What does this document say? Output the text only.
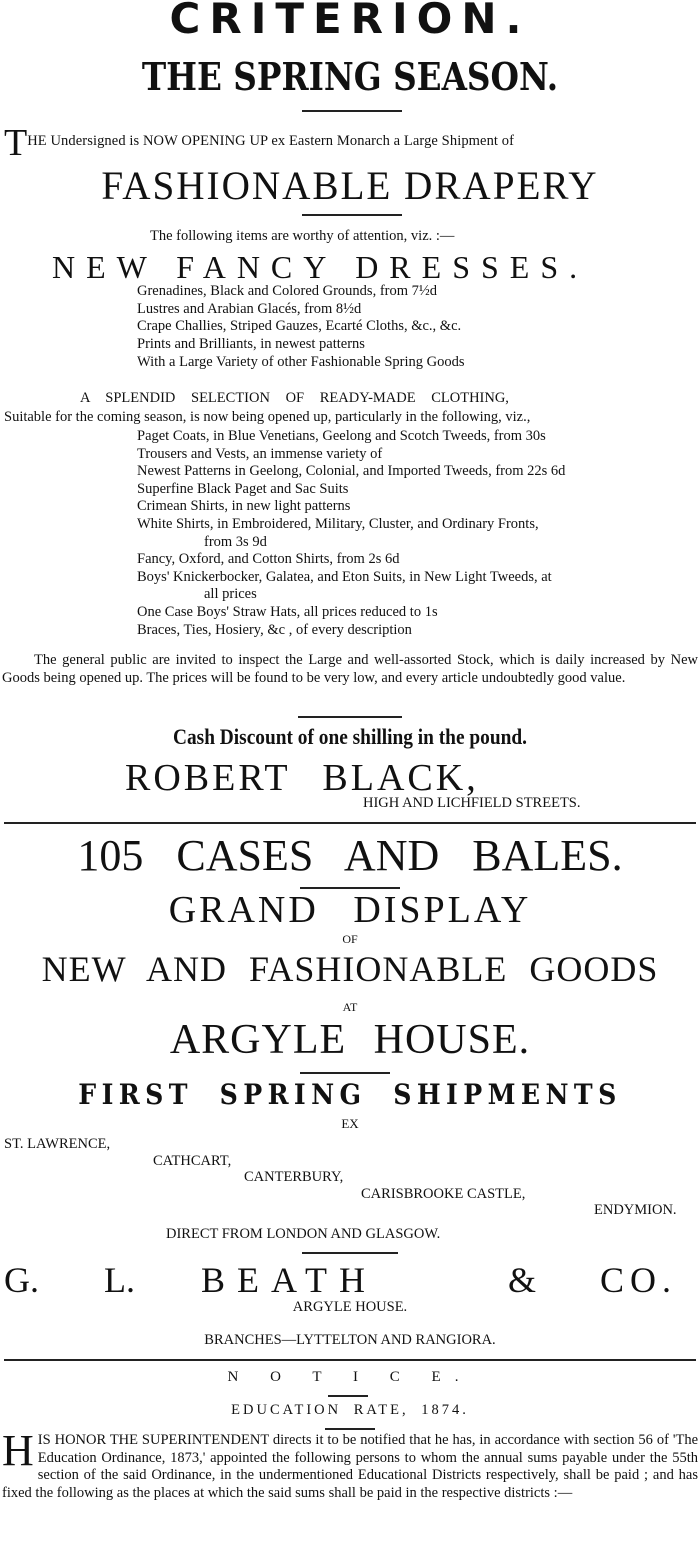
CRITERION.
THE SPRING SEASON.
THE Undersigned is NOW OPENING UP ex Eastern Monarch a Large Shipment of
FASHIONABLE DRAPERY
The following items are worthy of attention, viz. :—
NEW FANCY DRESSES.
Grenadines, Black and Colored Grounds, from 7½d
Lustres and Arabian Glacés, from 8½d
Crape Challies, Striped Gauzes, Ecarté Cloths, &c., &c.
Prints and Brilliants, in newest patterns
With a Large Variety of other Fashionable Spring Goods
A SPLENDID SELECTION OF READY-MADE CLOTHING,
Suitable for the coming season, is now being opened up, particularly in the following, viz.,
Paget Coats, in Blue Venetians, Geelong and Scotch Tweeds, from 30s
Trousers and Vests, an immense variety of
Newest Patterns in Geelong, Colonial, and Imported Tweeds, from 22s 6d
Superfine Black Paget and Sac Suits
Crimean Shirts, in new light patterns
White Shirts, in Embroidered, Military, Cluster, and Ordinary Fronts,
from 3s 9d
Fancy, Oxford, and Cotton Shirts, from 2s 6d
Boys' Knickerbocker, Galatea, and Eton Suits, in New Light Tweeds, at
all prices
One Case Boys' Straw Hats, all prices reduced to 1s
Braces, Ties, Hosiery, &c , of every description
The general public are invited to inspect the Large and well-assorted Stock, which is daily increased by New Goods being opened up. The prices will be found to be very low, and every article undoubtedly good value.
Cash Discount of one shilling in the pound.
ROBERT BLACK,
HIGH AND LICHFIELD STREETS.
105 CASES AND BALES.
GRAND DISPLAY
OF
NEW AND FASHIONABLE GOODS
AT
ARGYLE HOUSE.
FIRST SPRING SHIPMENTS
EX
ST. LAWRENCE,
CATHCART,
CANTERBURY,
CARISBROOKE CASTLE,
ENDYMION.
DIRECT FROM LONDON AND GLASGOW.
G. L. BEATH	& CO.
ARGYLE HOUSE.
BRANCHES—LYTTELTON AND RANGIORA.
N O T I C E.
EDUCATION RATE, 1874.
HIS HONOR THE SUPERINTENDENT directs it to be notified that he has, in accordance with section 56 of 'The Education Ordinance, 1873,' appointed the following persons to whom the annual sums payable under the 55th section of the said Ordinance, in the undermentioned Educational Districts respectively, shall be paid ; and has fixed the following as the places at which the said sums shall be paid in the respective districts :—
